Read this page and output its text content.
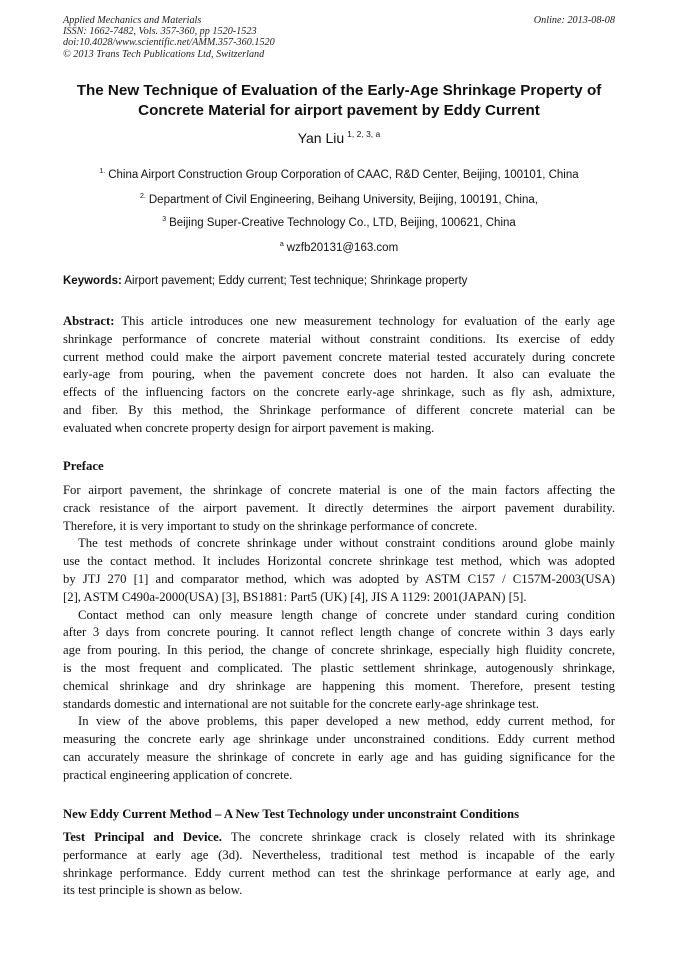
Applied Mechanics and Materials
ISSN: 1662-7482, Vols. 357-360, pp 1520-1523
doi:10.4028/www.scientific.net/AMM.357-360.1520
© 2013 Trans Tech Publications Ltd, Switzerland
Online: 2013-08-08
The New Technique of Evaluation of the Early-Age Shrinkage Property of
Concrete Material for airport pavement by Eddy Current
Yan Liu $^{1, 2, 3, a}$
$^{1.}$ China Airport Construction Group Corporation of CAAC, R&D Center, Beijing, 100101, China
$^{2.}$ Department of Civil Engineering, Beihang University, Beijing, 100191, China,
$^3$ Beijing Super-Creative Technology Co., LTD, Beijing, 100621, China
$^a$ wzfb20131@163.com
Keywords: Airport pavement; Eddy current; Test technique; Shrinkage property
Abstract: This article introduces one new measurement technology for evaluation of the early age
shrinkage performance of concrete material without constraint conditions. Its exercise of eddy
current method could make the airport pavement concrete material tested accurately during concrete
early-age from pouring, when the pavement concrete does not harden. It also can evaluate the
effects of the influencing factors on the concrete early-age shrinkage, such as fly ash, admixture,
and fiber. By this method, the Shrinkage performance of different concrete material can be
evaluated when concrete property design for airport pavement is making.
Preface
For airport pavement, the shrinkage of concrete material is one of the main factors affecting the
crack resistance of the airport pavement. It directly determines the airport pavement durability.
Therefore, it is very important to study on the shrinkage performance of concrete.
The test methods of concrete shrinkage under without constraint conditions around globe mainly
use the contact method. It includes Horizontal concrete shrinkage test method, which was adopted
by JTJ 270 [1] and comparator method, which was adopted by ASTM C157 / C157M-2003(USA)
[2], ASTM C490a-2000(USA) [3], BS1881: Part5 (UK) [4], JIS A 1129: 2001(JAPAN) [5].
Contact method can only measure length change of concrete under standard curing condition
after 3 days from concrete pouring. It cannot reflect length change of concrete within 3 days early
age from pouring. In this period, the change of concrete shrinkage, especially high fluidity concrete,
is the most frequent and complicated. The plastic settlement shrinkage, autogenously shrinkage,
chemical shrinkage and dry shrinkage are happening this moment. Therefore, present testing
standards domestic and international are not suitable for the concrete early-age shrinkage test.
In view of the above problems, this paper developed a new method, eddy current method, for
measuring the concrete early age shrinkage under unconstrained conditions. Eddy current method
can accurately measure the shrinkage of concrete in early age and has guiding significance for the
practical engineering application of concrete.
New Eddy Current Method – A New Test Technology under unconstraint Conditions
Test Principal and Device. The concrete shrinkage crack is closely related with its shrinkage
performance at early age (3d). Nevertheless, traditional test method is incapable of the early
shrinkage performance. Eddy current method can test the shrinkage performance at early age, and
its test principle is shown as below.
